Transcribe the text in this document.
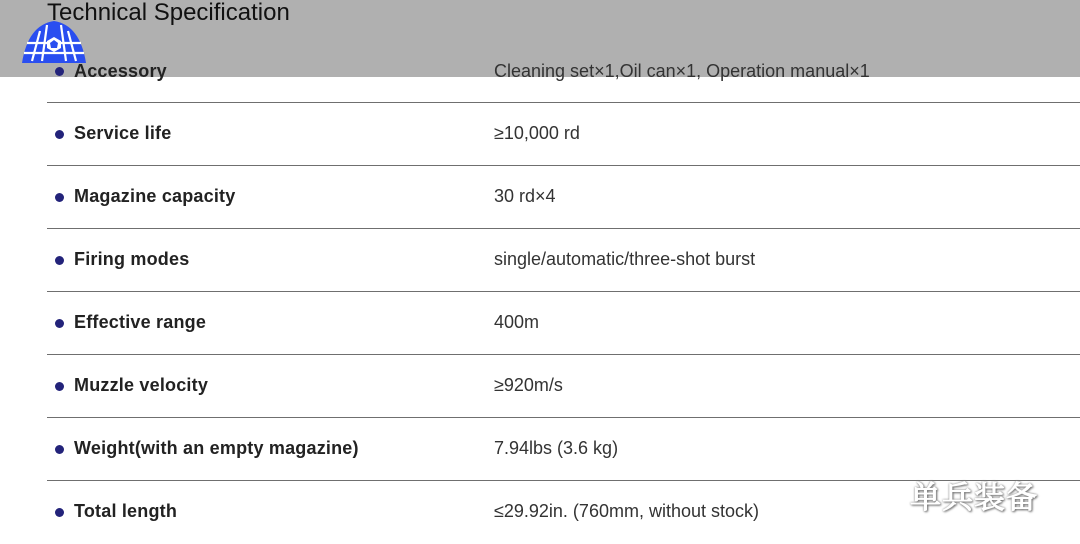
Technical Specification
Accessory	Cleaning set×1,Oil can×1, Operation manual×1
Service life	≥10,000 rd
Magazine capacity	30 rd×4
Firing modes	single/automatic/three-shot burst
Effective range	400m
Muzzle velocity	≥920m/s
Weight(with an empty magazine)	7.94lbs (3.6 kg)
Total length	≤29.92in. (760mm, without stock)	单兵装备
